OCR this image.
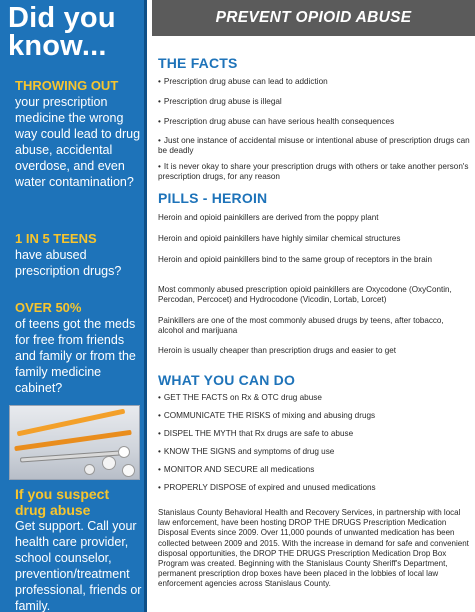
Did you know...
THROWING OUT
your prescription medicine the wrong way could lead to drug abuse, accidental overdose, and even water contamination?
1 IN 5 TEENS
have abused prescription drugs?
OVER 50%
of teens got the meds for free from friends and family or from the family medicine cabinet?
If you suspect drug abuse
Get support. Call your health care provider, school counselor, prevention/treatment professional, friends or family.
PREVENT OPIOID ABUSE
THE FACTS
• Prescription drug abuse can lead to addiction
• Prescription drug abuse is illegal
• Prescription drug abuse can have serious health consequences
• Just one instance of accidental misuse or intentional abuse of prescription drugs can be deadly
• It is never okay to share your prescription drugs with others or take another person's prescription drugs, for any reason
PILLS - HEROIN
Heroin and opioid painkillers are derived from the poppy plant
Heroin and opioid painkillers have highly similar chemical structures
Heroin and opioid painkillers bind to the same group of receptors in the brain
Most commonly abused prescription opioid painkillers are Oxycodone (OxyContin, Percodan, Percocet) and Hydrocodone (Vicodin, Lortab, Lorcet)
Painkillers are one of the most commonly abused drugs by teens, after tobacco, alcohol and marijuana
Heroin is usually cheaper than prescription drugs and easier to get
WHAT YOU CAN DO
• GET THE FACTS on Rx & OTC drug abuse
• COMMUNICATE THE RISKS of mixing and abusing drugs
• DISPEL THE MYTH that Rx drugs are safe to abuse
• KNOW THE SIGNS and symptoms of drug use
• MONITOR AND SECURE all medications
• PROPERLY DISPOSE of expired and unused medications
Stanislaus County Behavioral Health and Recovery Services, in partnership with local law enforcement, have been hosting DROP THE DRUGS Prescription Medication Disposal Events since 2009. Over 11,000 pounds of unwanted medication has been collected between 2009 and 2015. With the increase in demand for safe and convenient disposal opportunities, the DROP THE DRUGS Prescription Medication Drop Box Program was created. Beginning with the Stanislaus County Sheriff's Department, permanent prescription drop boxes have been placed in the lobbies of local law enforcement agencies across Stanislaus County.
